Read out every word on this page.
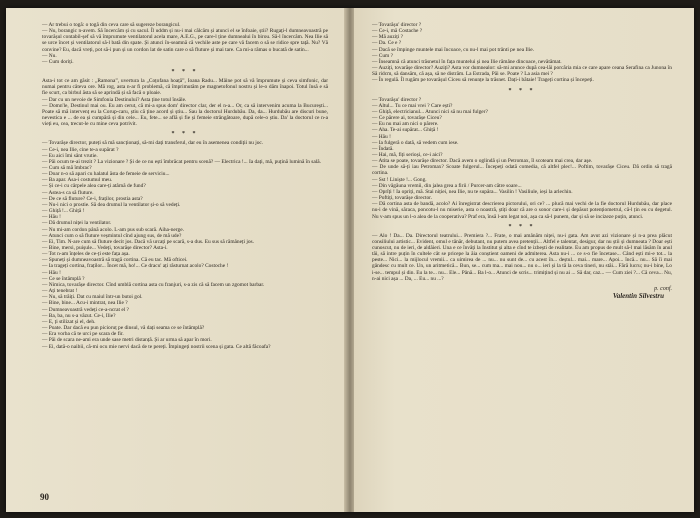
— Ar trebui o togă: o togă din ceva care să sugereze borangicul.

— Nu, borangic n-avem. Să încercăm și cu sacul. Îl uddm și nu-i mai călcăm și atunci el se înfoaie, știi? Rugați-l dumneavoastră pe tovarășul contabil-șef să vă împrumute ventilatorul acela mare, A.E.G., pe care-l ține dumnealui în birou. Să-l încercăm. Nea Ilie să se urce încet și ventilatorul să-l bată din spate. Și atunci în-seamnă că vechile aste pe care vă facem o să se ridice spre tață. Nu? Vă convine? Eu, dacă vreți, pot să-i pun și un cordon lat de satin care o să fluture și mai tare. Ca mi-a rămas o bucată de satin...

— Nu.

— Cum doriți.

* * *

Asta-i tot ce am găsit : „Ramona”, uvertura la „Coțofana hoață”, Ioana Radu... Mâine pot să vă împrumute și ceva simfonic, dar numai pentru câteva ore. Mă rog, asta n-ar fi problemă, că împrimutăm pe magnetofonul nostru și le-o dăm înapoi. Totul însă e să fie scurt, ca birbul ăsta să se aprindă și să facă o ploaie.

— Dar cu un nevoie de Simfonia Destinului? Asta ține totul însăle.

— Domn'le, Destinul mai ou. Eu am cerut, că mi-a spus dom' director clar, der el n-a... Or, ca să intervenim acuma la București... Poate să mă intervenț eu la Corup-caru, știu că ține acord și știu... Sau la doctorul Hurdubău. Da, da... Hurdubău are discuri bune, nevestica e ... de ea și cumpără și din cele... Eu, fete... se află și fie și femeie strângătoare, după cele-o știu. Da' la doctorul ce n-a vieți eu, cea, trecut-le cu mine ceva potrivit.

* * *

— Tovarășe director, puteți să mă sancționați, să-mi dați transferul, dar eu în asemenea condiții nu joc.

— Ce-i, nea Ilie, cine te-a supărat ?

— Eu aici îmi sânt vrutie.

— Păi ocum te-ai trezit ? La vizionare ? Și de ce nu ești îmbrăcat pentru scenă? — Electrica !... Ia dați, mă, puțină lumină în sală.

— Cum să mă îmbrac?

— Doar n-o să apari cu halatul ăsta de femeie de serviciu...

— Ba apar. Asa-i costumul meu.

— Și ce-i cu cârpele alea care-ți atârnă de fund?

— Astea-s ca să fluture.

— De ce să fluture? Ce-i, fraților, prostia asta?

— Nu-i nici o prostie. Să dea drumul la ventilator și-o să vedeți.

— Ghiță !... Ghiță !

— Hău !

— Dă drumul niței la ventilator.

— Nu mi-am cordon până acolo. L-am pus sub scară. Aiha-nerge.

— Atunci cum o să fluture veșmintul cînd ajung sus, de mă ude?

— Ei, Tim. N-are cum să fluture decit jos. Dacă vă urcați pe scară, s-a dus. Eu sus să rămâneți jos.

— Bine, mersi, puișule... Vedeți, tovarășe director? Asta-i.

— Tot n-am înțeles de ce-ți este fața așa.

— Spuneți și dumneavoastră să tragă cortina. Că eu tac. Mă ofticei.

— Ia trageți cortina, fraților... Încet mă, ho!... Ce dracu' ați răsturnat acolo? Costoche !

— Hău !

— Ce se întâmplă ?

— Nimica, tovarășe director. Cînd umblă cortina asta cu franjuri, s-a zis că să facem un zgomot barbar.

— Ați tenebrat !

— Nu, să trăiți. Dat cu maiul într-un butoi gol.

— Bine, bine... Acu-i mintrat, nea Ilie ?

— Dumneavoastră vedeți ce-a-ncrat el ?

— Ba, ba, nu s-a văzut. Ce-i, Ilie?

— E, ți stilizat și el, deh.

— Poate. Dar dacă eu pun picioruț pe dinsul, vă dați seama ce se întâmplă?

— Era vorba că te urci pe scara de fir.

— Păi de scara ne-ami era unde sase metri distanță. Și ar urma să apar în mori.

— Ei, dată-o naibii, că-mi ocu mie nervi dacă de te pereți. Împingeți nostrii scena și gata. Ce altă făcoafa?

90

— Tovarășu' director ?

— Ce-i, mă Costache ?

— Mă auziți ?

— Da. Ce e ?

— Dacă se împinge muntele mai încoace, cu nu-l mai pot trânti pe nea Ilie.

— Cum ?

— Înseamnă că atunci trăsnetul în fața muntelui și nea Ilie rămâne dincoace, nevătămat.

— Auziți, tovarășe director? Auziți? Asta vor dumnealor: să-mi arunce după cea-lăi porcăria mia ce care apare ceana Serafina ca Junona în Să ridcm, să dansăm, că așa, să ne distrăm. La Estrada, Păi se. Poate ? La asia mei ?

— În regulă. Îl rugăm pe tovarășul Ciceu să renunțe la trăsnet. Dați-i bătaie! Trageți cortina și începeți.

* * *

— Tovarășu' director ?

— Altul... Tu ce mai vrei ? Care ești?

— Ghiță, electricianul... Atunci nici să nu mai fulger?

— Ce părere ai, tovarășe Ciceu?

— Eu nu mai am nici o părere.

— Aha. Te-ai supărat... Ghiță !

— Hău !

— Ia fulgeră o dată, să vedem cum iese.

— Îndată.

— Hai, mă, fiți serioși, ce-i aici?

— Atita se poate, tovarășe director. Dacă avem o oglindă și un Petromax, îl scoteam mai crea, dar aşe.

— De unde să-ți iau Petromax? Scoate fulgerul... Începeți odată comedia, că altfel plec!... Poftim, tovarășe Ciceu. Dă ordin să tragă cortina.

— Sst ! Liniște !... Gong.

— Din vâgăuna vremii, din jalea grea a firii / Purcer-am către soare...

— Oprîți ! Ia opriți, mă. Stai niției, nea Ilie, nu te supăra... Vasilin ! Vasiliule, ieși la arlechin.

— Poftiți, tovarășe director.

— Dă cortina asta de bandă, acolo? Ai înregistrat descrierea pictorului, ori ce? ... plucă mai vechi de la fie doctorul Hurdubău, dar place nu-i de vină, săraca, poncotu-l nu miserie, asta o noastră, știți doar că are o sonor care-i și depăsut potențiometrul, că-l țin eu cu degetul. Nu v-am spus un l-o alea de la cooperativa? Praf era, însă l-am legat noi, așa ca să-l punem, dar și să se incizeze puțin, atunci.

* * *

— Alo ! Da... Da. Directorul teatrului... Premiera ?... Frate, o mai amânăm niței, nu-i gata. Am avut azi vizionare și n-a prea plăcut consiliului artistic... Evident, omul e tânăr, debutant, nu putem avea pretenții... Altfel e talentat, desigur, dar nu știi și dumneata ? Doar ești cunoscut, nu de ieri, de aldăieri. Una e ce învăți la Institut și alta e cînd te izbești de realitate. Eu am propus de mult să-l mai lăsăm în anul tăi, să intre puțin în cultele cât se pricepe la ăia conștient oameni de admiterea. Asta nu-i ... ce s-o fie încetase... Când ești mi-e tot... la peste... Nici... la mijlocul vremii... ca uimirea de ... nu... nu sunt de... cu acest în... deștul... mai... mare... Apoi... încă... nu... Să îi mai gândesc cu mult ce. Un, un aritmetică... Bun, se... cum ma... mai nou... nu o... ieri și la tă la ceva tineri, nu stăi... Fără lucru; nu-i bine, Lo i-se... tempul și din. Eu la te... nu... Ele... Până... Ba l-o... Atunci de scris... trimițind și nu ai ... Să dar, caz... — Cum ziei ?... Că ceva... Nu, n-ai nici așa ... Da, ... Eu... nu ...?

p. conf.
Valentin Silvestru
